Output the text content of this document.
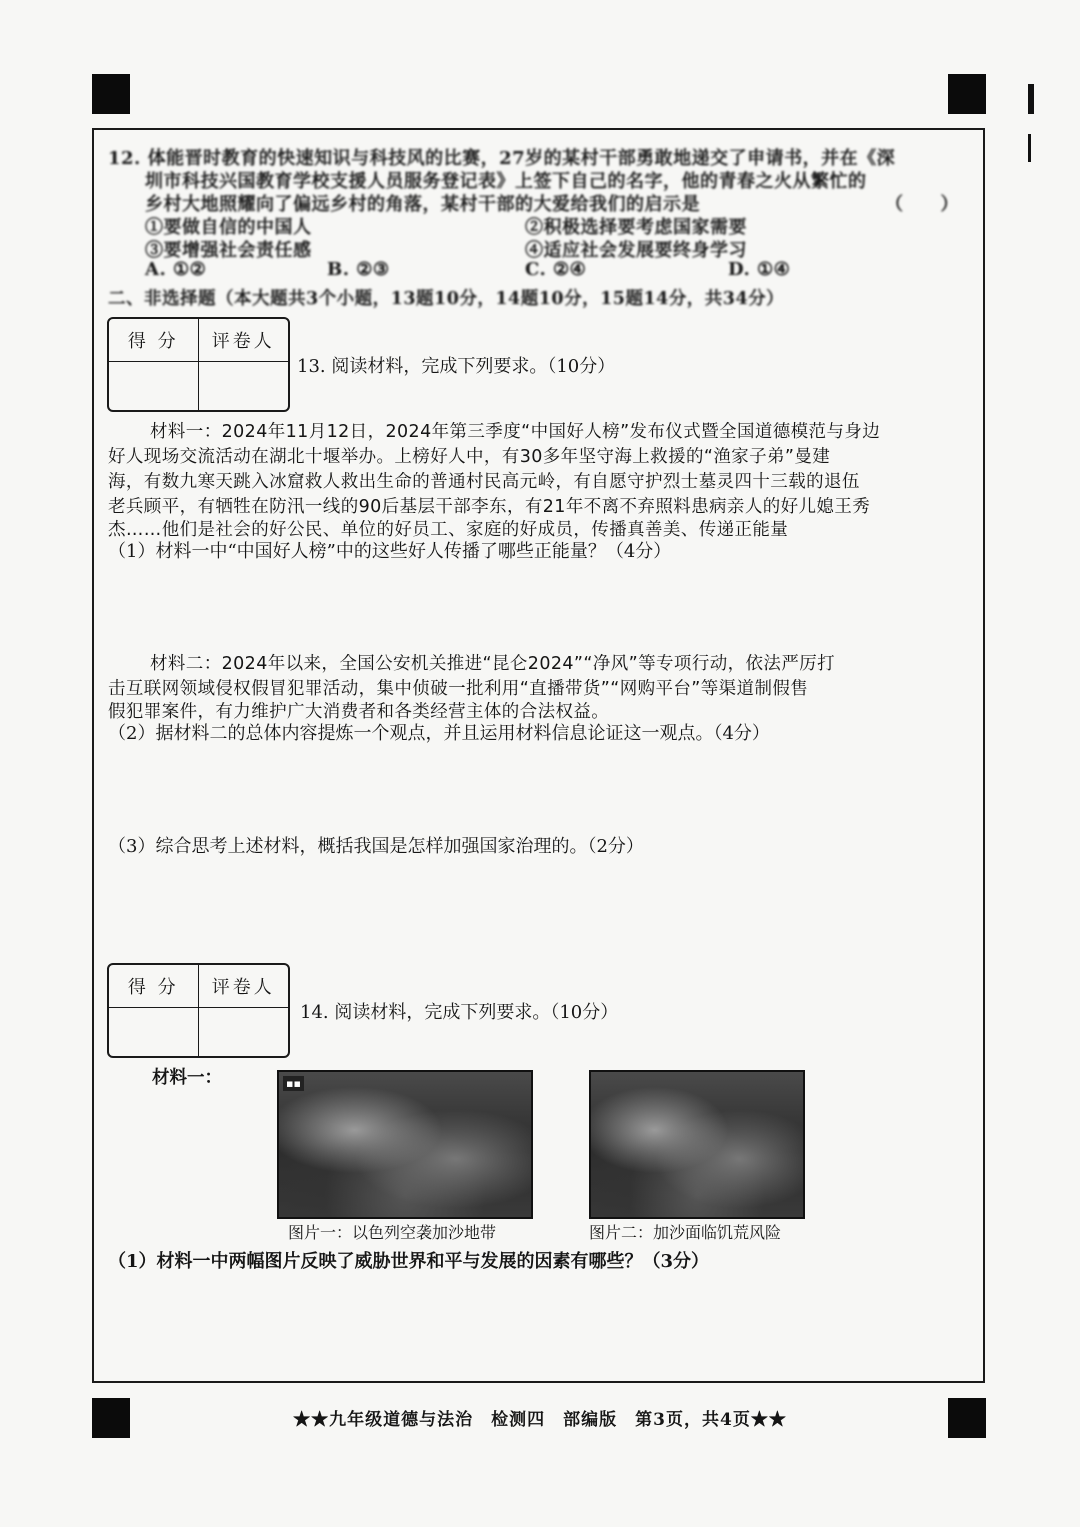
12. 体能晋时教育的快速知识与科技风的比赛，27岁的某村干部勇敢地递交了申请书，并在《深
圳市科技兴国教育学校支援人员服务登记表》上签下自己的名字，他的青春之火从繁忙的
乡村大地照耀向了偏远乡村的角落，某村干部的大爱给我们的启示是	（　　）
①要做自信的中国人	②积极选择要考虑国家需要
③要增强社会责任感	④适应社会发展要终身学习
A. ①②	B. ②③	C. ②④	D. ①④
二、非选择题（本大题共3个小题，13题10分，14题10分，15题14分，共34分）
得 分	评卷人
13. 阅读材料，完成下列要求。（10分）
材料一：2024年11月12日，2024年第三季度“中国好人榜”发布仪式暨全国道德模范与身边
好人现场交流活动在湖北十堰举办。上榜好人中，有30多年坚守海上救援的“渔家子弟”曼建
海，有数九寒天跳入冰窟救人救出生命的普通村民高元岭，有自愿守护烈士墓灵四十三载的退伍
老兵顾平，有牺牲在防汛一线的90后基层干部李东，有21年不离不弃照料患病亲人的好儿媳王秀
杰……他们是社会的好公民、单位的好员工、家庭的好成员，传播真善美、传递正能量
（1）材料一中“中国好人榜”中的这些好人传播了哪些正能量？（4分）
材料二：2024年以来，全国公安机关推进“昆仑2024”“净风”等专项行动，依法严厉打
击互联网领域侵权假冒犯罪活动，集中侦破一批利用“直播带货”“网购平台”等渠道制假售
假犯罪案件，有力维护广大消费者和各类经营主体的合法权益。
（2）据材料二的总体内容提炼一个观点，并且运用材料信息论证这一观点。（4分）
（3）综合思考上述材料，概括我国是怎样加强国家治理的。（2分）
得 分	评卷人
14. 阅读材料，完成下列要求。（10分）
材料一：	▪▪
图片一：以色列空袭加沙地带	图片二：加沙面临饥荒风险
（1）材料一中两幅图片反映了威胁世界和平与发展的因素有哪些？（3分）
★★九年级道德与法治　检测四　部编版　第3页，共4页★★
